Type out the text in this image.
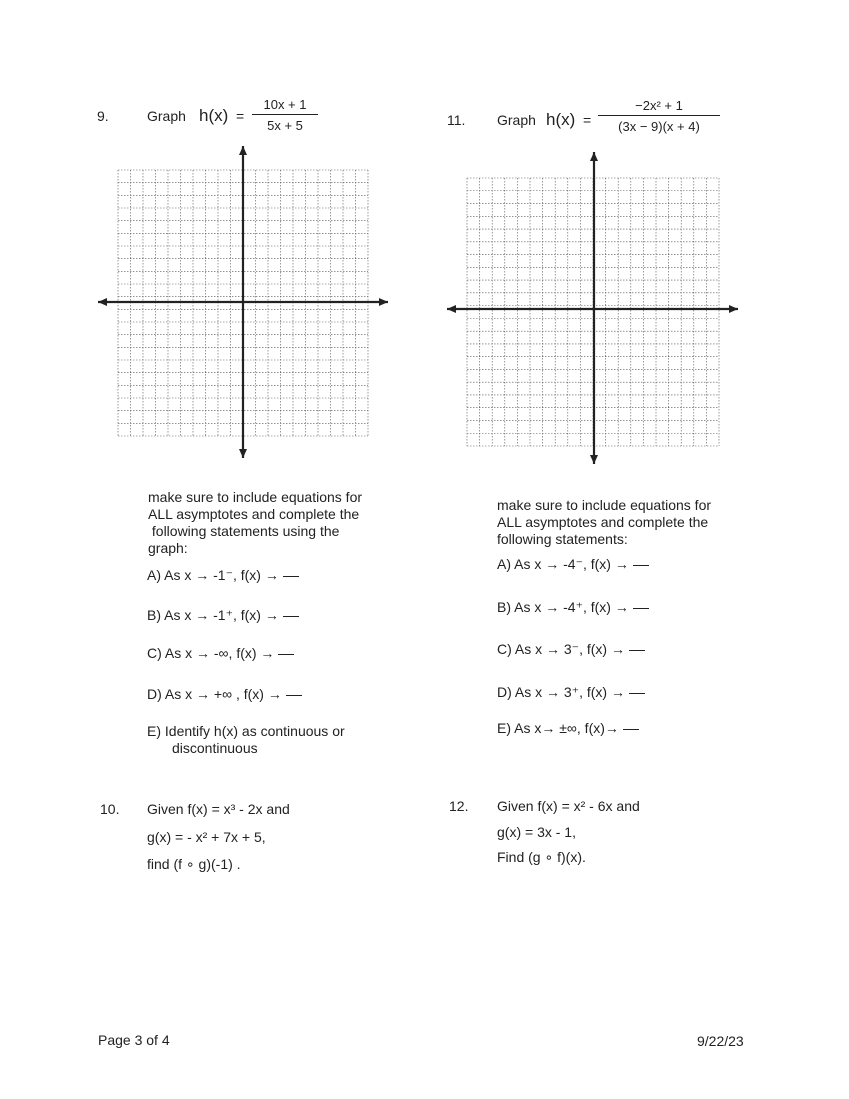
9.	Graph $h(x) = \frac{10x + 1}{5x + 5}$	11. Graph $h(x) = \frac{\text{−2x² + 1}}{(3x - 9)(x + 4)}$
make sure to include equations for
ALL asymptotes and complete the
following statements using the
graph:
A) As x → -1⁻, f(x) →
B) As x → -1⁺, f(x) →
C) As x → -∞, f(x) →
D) As x → +∞ , f(x) →
E) Identify h(x) as continuous or
discontinuous
make sure to include equations for
ALL asymptotes and complete the
following statements:
A) As x → -4⁻, f(x) →
B) As x → -4⁺, f(x) →
C) As x → 3⁻, f(x) →
D) As x → 3⁺, f(x) →
E) As x→ ±∞, f(x)→
10. Given f(x) = x³ - 2x and
g(x) = - x² + 7x + 5,
find (f ∘ g)(-1) .
12. Given f(x) = x² - 6x and
g(x) = 3x - 1,
Find (g ∘ f)(x).
Page 3 of 4	9/22/23
